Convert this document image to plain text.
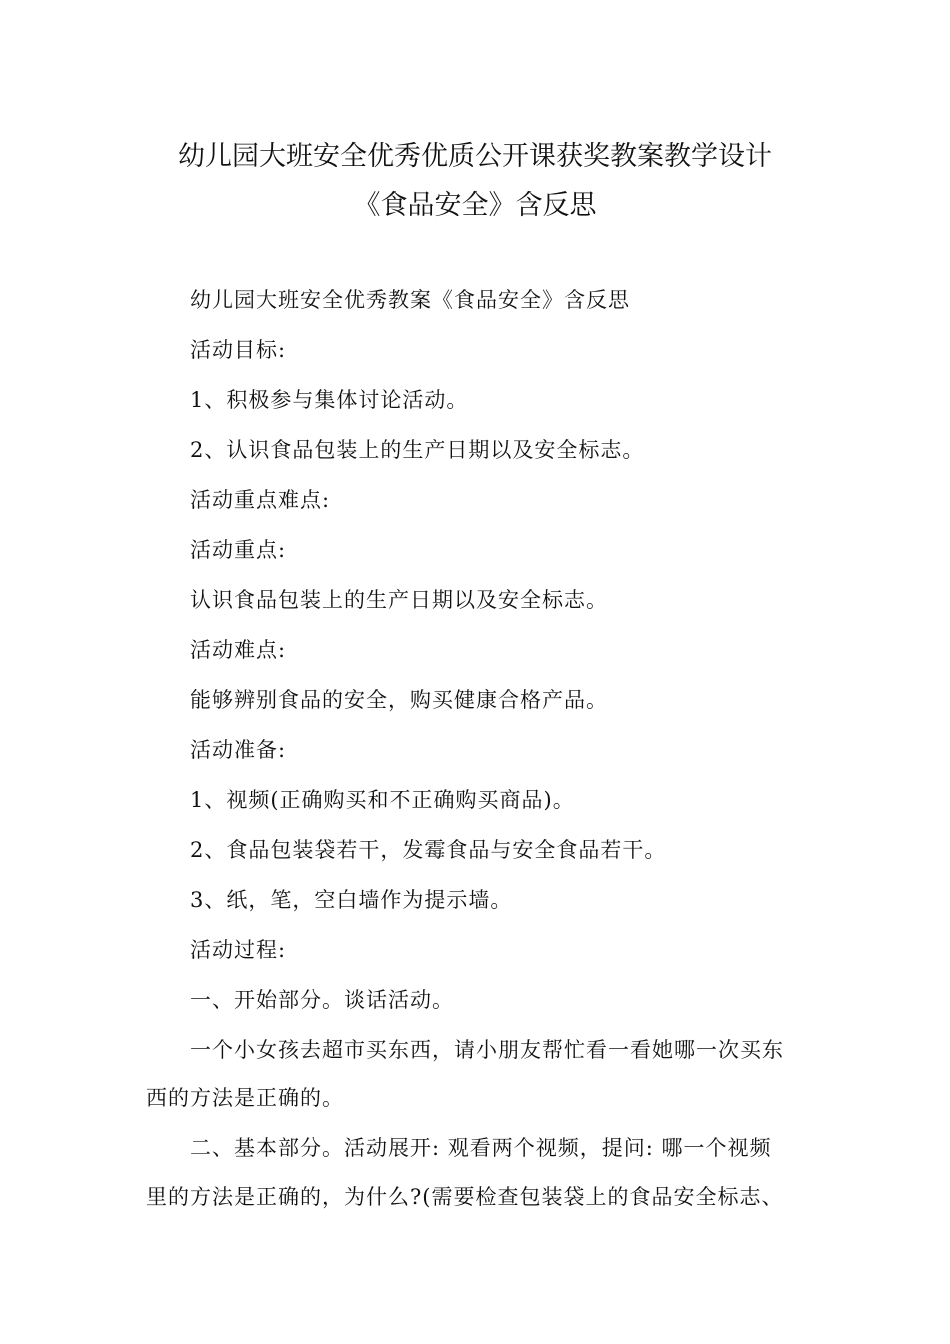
幼儿园大班安全优秀优质公开课获奖教案教学设计
《食品安全》含反思
幼儿园大班安全优秀教案《食品安全》含反思
活动目标:
1、积极参与集体讨论活动。
2、认识食品包装上的生产日期以及安全标志。
活动重点难点:
活动重点:
认识食品包装上的生产日期以及安全标志。
活动难点:
能够辨别食品的安全，购买健康合格产品。
活动准备:
1、视频(正确购买和不正确购买商品)。
2、食品包装袋若干，发霉食品与安全食品若干。
3、纸，笔，空白墙作为提示墙。
活动过程:
一、开始部分。谈话活动。
一个小女孩去超市买东西，请小朋友帮忙看一看她哪一次买东
西的方法是正确的。
二、基本部分。活动展开: 观看两个视频，提问: 哪一个视频
里的方法是正确的，为什么?(需要检查包装袋上的食品安全标志、
